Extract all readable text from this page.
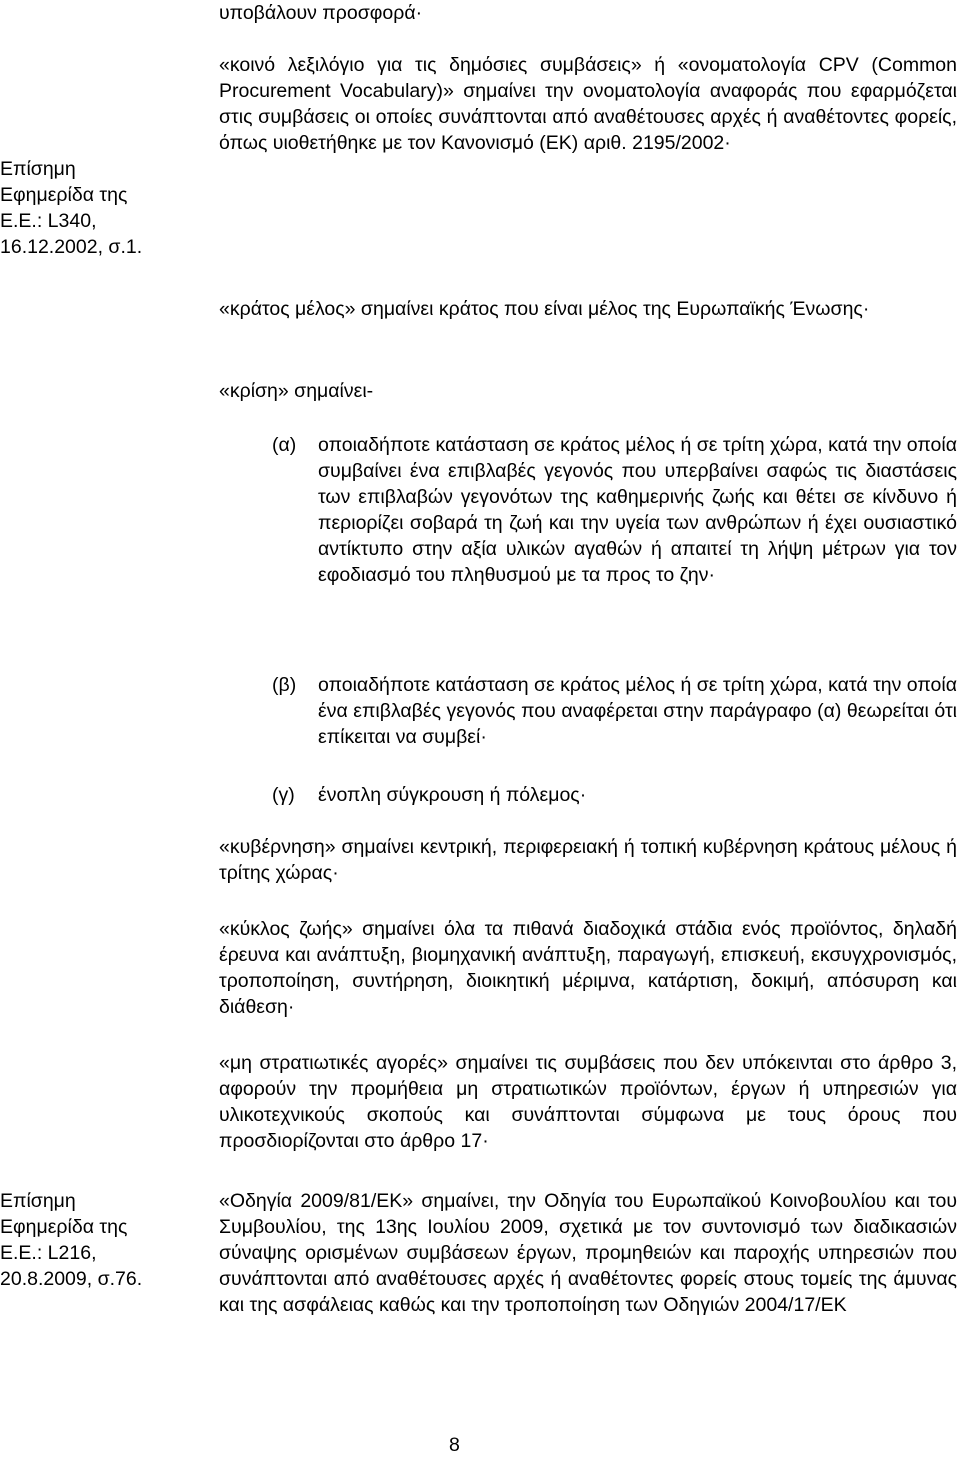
υποβάλουν προσφορά·
«κοινό λεξιλόγιο για τις δημόσιες συμβάσεις» ή «ονοματολογία CPV (Common Procurement Vocabulary)» σημαίνει την ονοματολογία αναφοράς που εφαρμόζεται στις συμβάσεις οι οποίες συνάπτονται από αναθέτουσες αρχές ή αναθέτοντες φορείς, όπως υιοθετήθηκε με τον Κανονισμό (ΕΚ) αριθ. 2195/2002·
Επίσημη
Εφημερίδα της
Ε.Ε.: L340,
16.12.2002, σ.1.
«κράτος μέλος» σημαίνει κράτος που είναι μέλος της Ευρωπαϊκής Ένωσης·
«κρίση» σημαίνει-
(α)	οποιαδήποτε κατάσταση σε κράτος μέλος ή σε τρίτη χώρα, κατά την οποία συμβαίνει ένα επιβλαβές γεγονός που υπερβαίνει σαφώς τις διαστάσεις των επιβλαβών γεγονότων της καθημερινής ζωής και θέτει σε κίνδυνο ή περιορίζει σοβαρά τη ζωή και την υγεία των ανθρώπων ή έχει ουσιαστικό αντίκτυπο στην αξία υλικών αγαθών ή απαιτεί τη λήψη μέτρων για τον εφοδιασμό του πληθυσμού με τα προς το ζην·
(β)	οποιαδήποτε κατάσταση σε κράτος μέλος ή σε τρίτη χώρα, κατά την οποία ένα επιβλαβές γεγονός που αναφέρεται στην παράγραφο (α) θεωρείται ότι επίκειται να συμβεί·
(γ)	ένοπλη σύγκρουση ή πόλεμος·
«κυβέρνηση» σημαίνει κεντρική, περιφερειακή ή τοπική κυβέρνηση κράτους μέλους ή τρίτης χώρας·
«κύκλος ζωής» σημαίνει όλα τα πιθανά διαδοχικά στάδια ενός προϊόντος, δηλαδή έρευνα και ανάπτυξη, βιομηχανική ανάπτυξη, παραγωγή, επισκευή, εκσυγχρονισμός, τροποποίηση, συντήρηση, διοικητική μέριμνα, κατάρτιση, δοκιμή, απόσυρση και διάθεση·
«μη στρατιωτικές αγορές» σημαίνει τις συμβάσεις που δεν υπόκεινται στο άρθρο 3, αφορούν την προμήθεια μη στρατιωτικών προϊόντων, έργων ή υπηρεσιών για υλικοτεχνικούς σκοπούς και συνάπτονται σύμφωνα με τους όρους που προσδιορίζονται στο άρθρο 17·
Επίσημη
Εφημερίδα της
Ε.Ε.: L216,
20.8.2009, σ.76.
«Οδηγία 2009/81/ΕΚ» σημαίνει, την Οδηγία του Ευρωπαϊκού Κοινοβουλίου και του Συμβουλίου, της 13ης Ιουλίου 2009, σχετικά με τον συντονισμό των διαδικασιών σύναψης ορισμένων συμβάσεων έργων, προμηθειών και παροχής υπηρεσιών που συνάπτονται από αναθέτουσες αρχές ή αναθέτοντες φορείς στους τομείς της άμυνας και της ασφάλειας καθώς και την τροποποίηση των Οδηγιών 2004/17/ΕΚ
8
